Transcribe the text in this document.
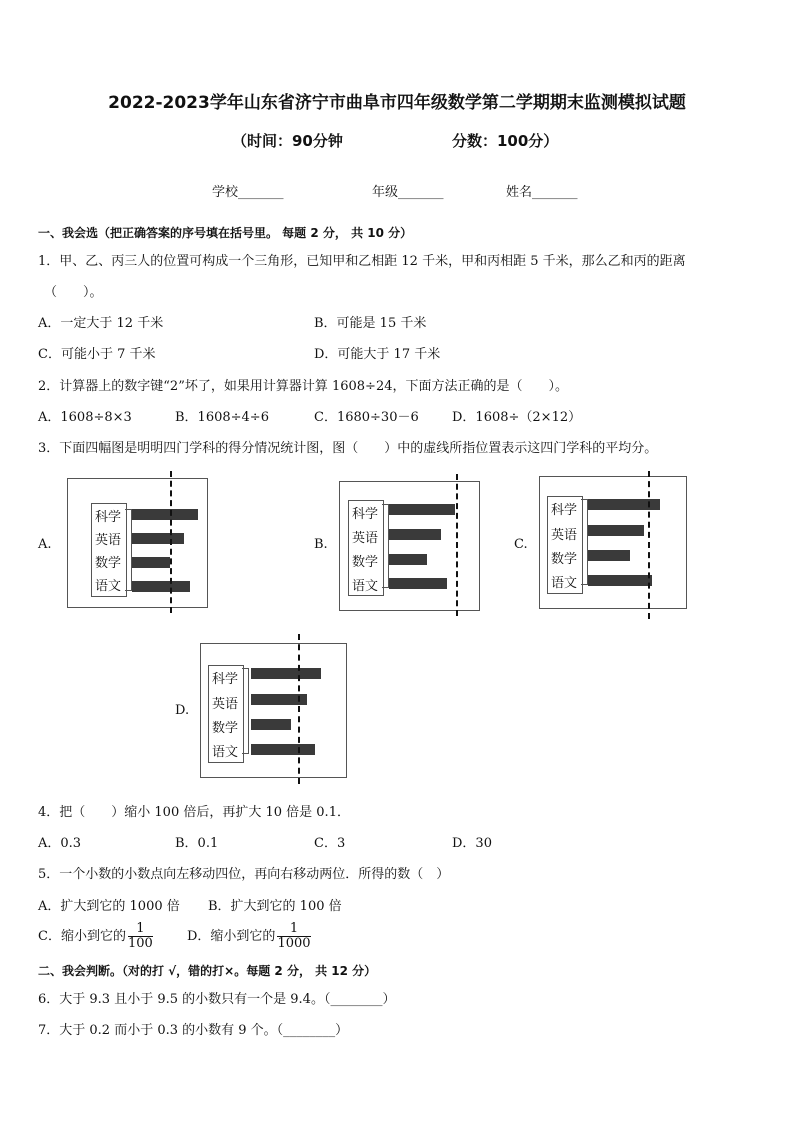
2022-2023学年山东省济宁市曲阜市四年级数学第二学期期末监测模拟试题
（时间：90分钟	分数：100分）
学校_______	年级_______	姓名_______
一、我会选（把正确答案的序号填在括号里。 每题 2 分， 共 10 分）
1．甲、乙、丙三人的位置可构成一个三角形，已知甲和乙相距 12 千米，甲和丙相距 5 千米，那么乙和丙的距离
（　　）。
A．一定大于 12 千米	B．可能是 15 千米
C．可能小于 7 千米	D．可能大于 17 千米
2．计算器上的数字键“2”坏了，如果用计算器计算 1608÷24，下面方法正确的是（　　）。
A．1608÷8×3	B．1608÷4÷6	C．1680÷30－6	D．1608÷（2×12）
3．下面四幅图是明明四门学科的得分情况统计图，图（　　）中的虚线所指位置表示这四门学科的平均分。
A.
科学
英语
数学
语文
B.
科学
英语
数学
语文
C.
科学
英语
数学
语文
D.
科学
英语
数学
语文
4．把（　　）缩小 100 倍后，再扩大 10 倍是 0.1．
A．0.3	B．0.1	C．3	D．30
5．一个小数的小数点向左移动四位，再向右移动两位．所得的数（　）
A．扩大到它的 1000 倍 B．扩大到它的 100 倍
C．缩小到它的 $\frac{1}{100}$	D．缩小到它的 $\frac{1}{1000}$
二、我会判断。（对的打 √，错的打×。每题 2 分， 共 12 分）
6．大于 9.3 且小于 9.5 的小数只有一个是 9.4。（________）
7．大于 0.2 而小于 0.3 的小数有 9 个。（________）
